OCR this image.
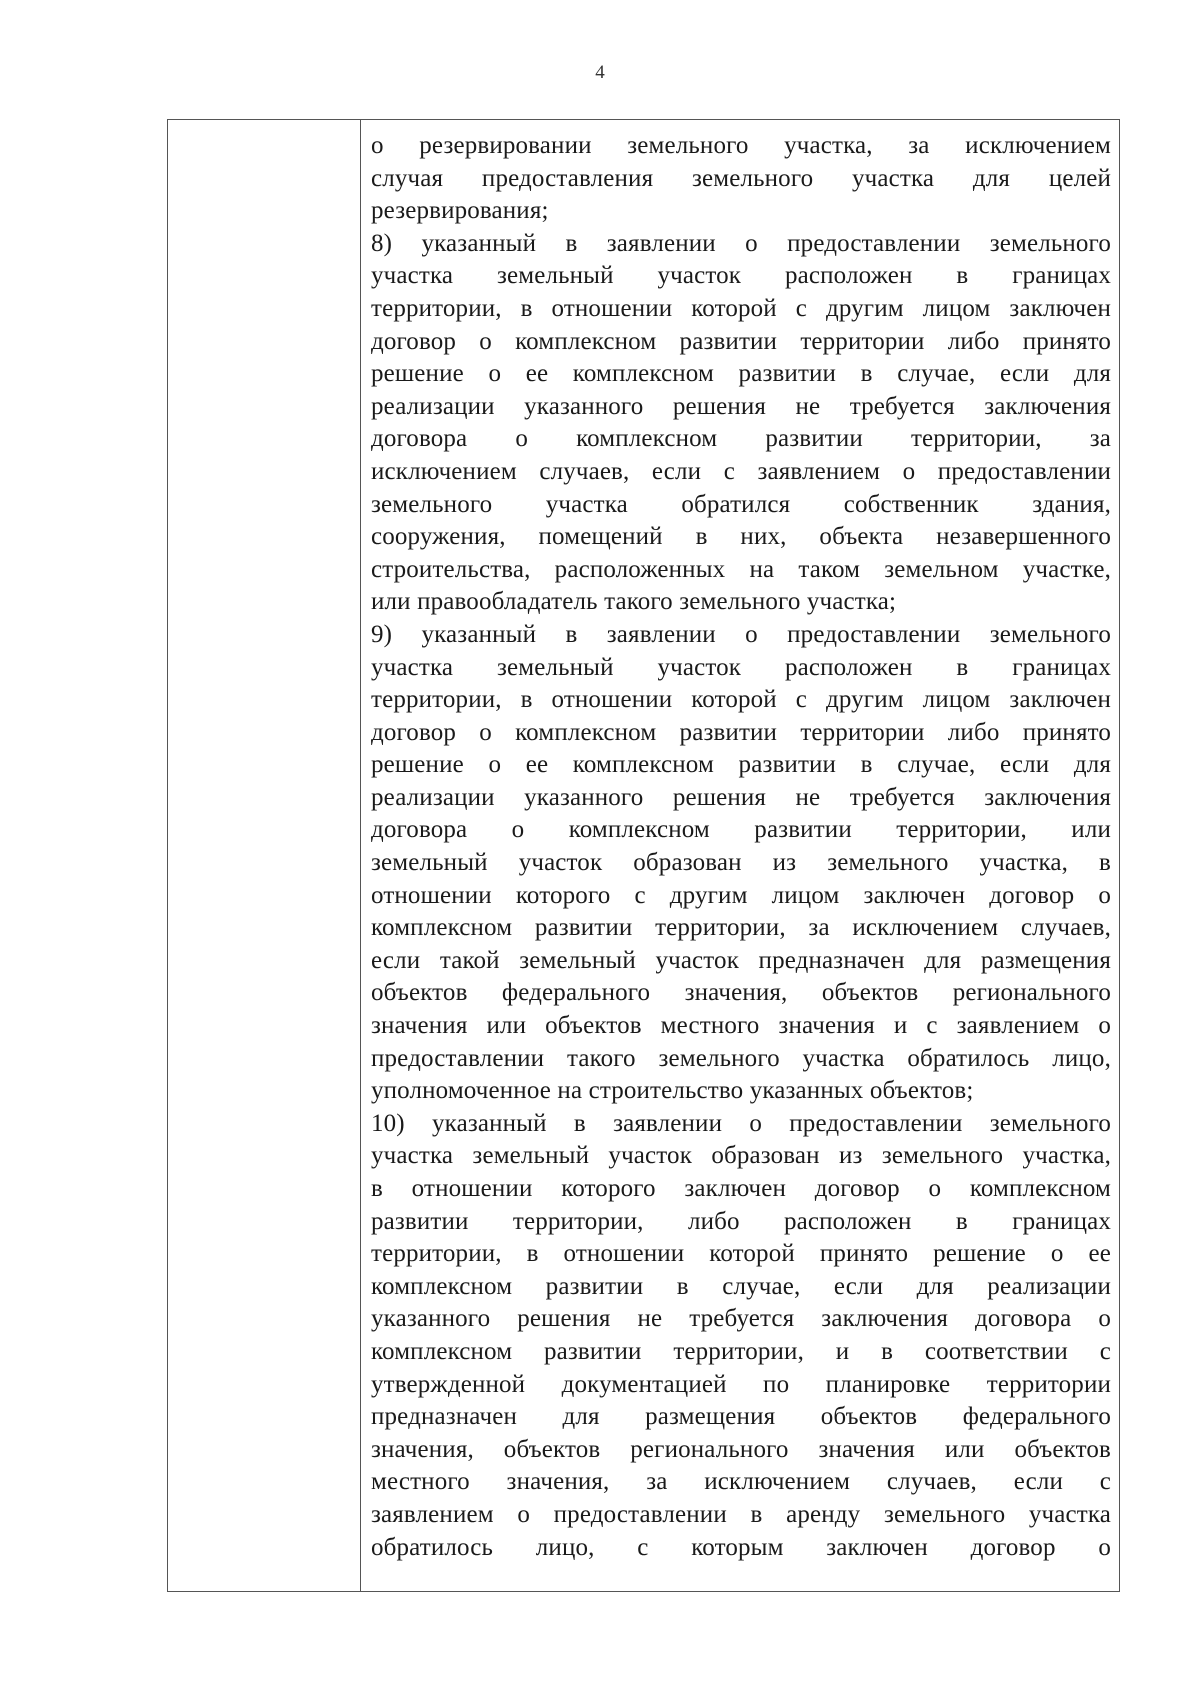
4

о резервировании земельного участка, за исключением
случая предоставления земельного участка для целей
резервирования;
8) указанный в заявлении о предоставлении земельного
участка земельный участок расположен в границах
территории, в отношении которой с другим лицом заключен
договор о комплексном развитии территории либо принято
решение о ее комплексном развитии в случае, если для
реализации указанного решения не требуется заключения
договора о комплексном развитии территории, за
исключением случаев, если с заявлением о предоставлении
земельного участка обратился собственник здания,
сооружения, помещений в них, объекта незавершенного
строительства, расположенных на таком земельном участке,
или правообладатель такого земельного участка;
9) указанный в заявлении о предоставлении земельного
участка земельный участок расположен в границах
территории, в отношении которой с другим лицом заключен
договор о комплексном развитии территории либо принято
решение о ее комплексном развитии в случае, если для
реализации указанного решения не требуется заключения
договора о комплексном развитии территории, или
земельный участок образован из земельного участка, в
отношении которого с другим лицом заключен договор о
комплексном развитии территории, за исключением случаев,
если такой земельный участок предназначен для размещения
объектов федерального значения, объектов регионального
значения или объектов местного значения и с заявлением о
предоставлении такого земельного участка обратилось лицо,
уполномоченное на строительство указанных объектов;
10) указанный в заявлении о предоставлении земельного
участка земельный участок образован из земельного участка,
в отношении которого заключен договор о комплексном
развитии территории, либо расположен в границах
территории, в отношении которой принято решение о ее
комплексном развитии в случае, если для реализации
указанного решения не требуется заключения договора о
комплексном развитии территории, и в соответствии с
утвержденной документацией по планировке территории
предназначен для размещения объектов федерального
значения, объектов регионального значения или объектов
местного значения, за исключением случаев, если с
заявлением о предоставлении в аренду земельного участка
обратилось лицо, с которым заключен договор о
